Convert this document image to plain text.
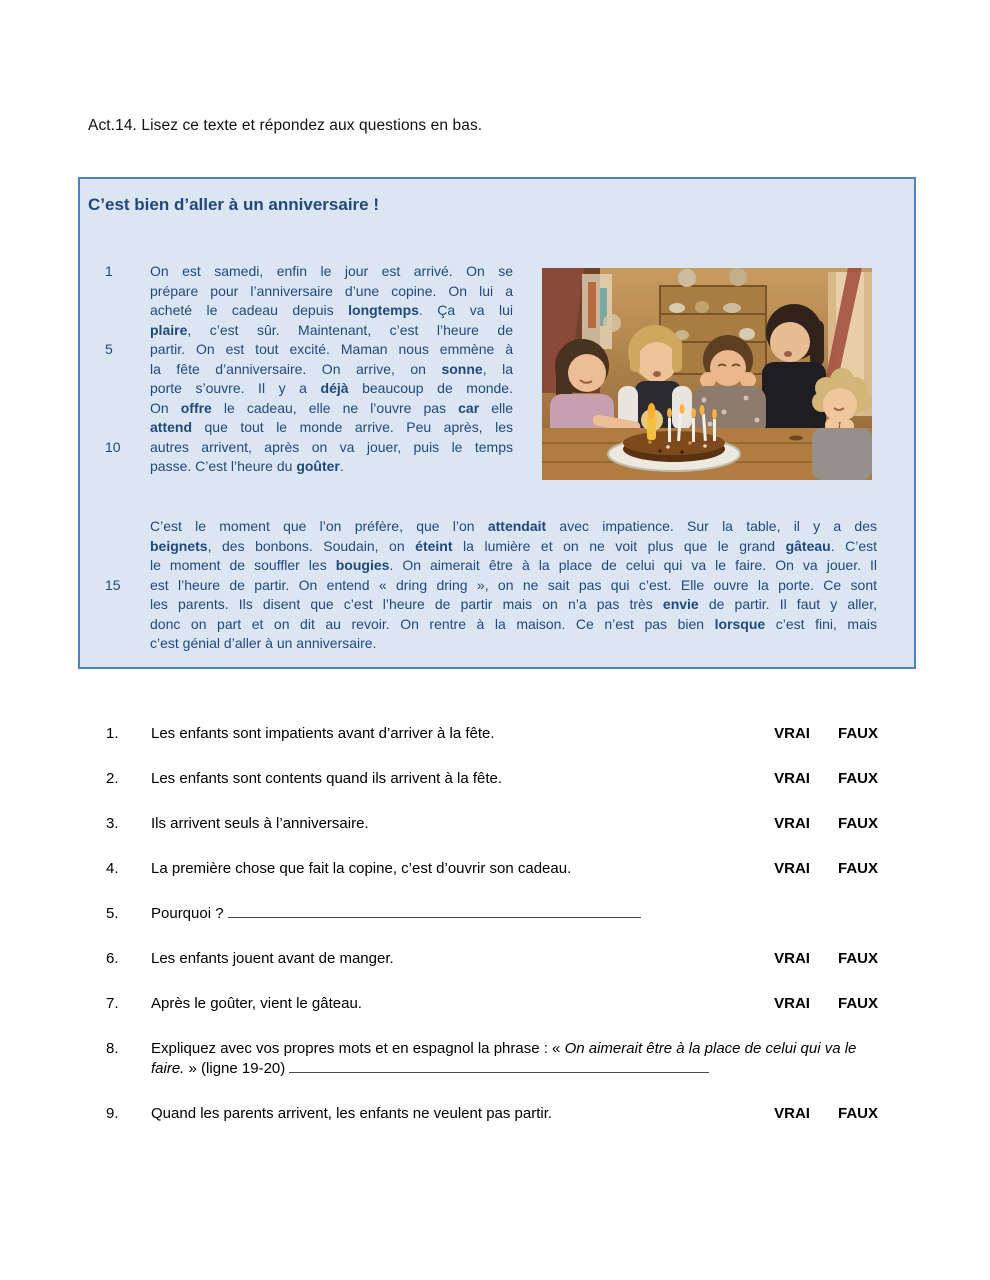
Act.14. Lisez ce texte et répondez aux questions en bas.
C’est bien d’aller à un anniversaire !
1	On est samedi, enfin le jour est arrivé. On se
prépare pour l’anniversaire d’une copine. On lui a
acheté le cadeau depuis longtemps. Ça va lui
plaire, c’est sûr. Maintenant, c’est l’heure de
5	partir. On est tout excité. Maman nous emmène à
la fête d’anniversaire. On arrive, on sonne, la
porte s’ouvre. Il y a déjà beaucoup de monde.
On offre le cadeau, elle ne l’ouvre pas car elle
attend que tout le monde arrive. Peu après, les
10	autres arrivent, après on va jouer, puis le temps
passe. C’est l’heure du goûter.
C’est le moment que l’on préfère, que l’on attendait avec impatience. Sur la table, il y a des
beignets, des bonbons. Soudain, on éteint la lumière et on ne voit plus que le grand gâteau. C’est
le moment de souffler les bougies. On aimerait être à la place de celui qui va le faire. On va jouer. Il
15	est l’heure de partir. On entend « dring dring », on ne sait pas qui c’est. Elle ouvre la porte. Ce sont
les parents. Ils disent que c’est l’heure de partir mais on n’a pas très envie de partir. Il faut y aller,
donc on part et on dit au revoir. On rentre à la maison. Ce n’est pas bien lorsque c’est fini, mais
c’est génial d’aller à un anniversaire.
1.	Les enfants sont impatients avant d’arriver à la fête.	VRAI FAUX
2.	Les enfants sont contents quand ils arrivent à la fête.	VRAI FAUX
3.	Ils arrivent seuls à l’anniversaire.	VRAI FAUX
4.	La première chose que fait la copine, c’est d’ouvrir son cadeau.	VRAI FAUX
5.	Pourquoi ?
6.	Les enfants jouent avant de manger.	VRAI FAUX
7.	Après le goûter, vient le gâteau.	VRAI FAUX
8.	Expliquez avec vos propres mots et en espagnol la phrase : « On aimerait être à la place de celui qui va le faire. » (ligne 19-20)
9.	Quand les parents arrivent, les enfants ne veulent pas partir.	VRAI FAUX
